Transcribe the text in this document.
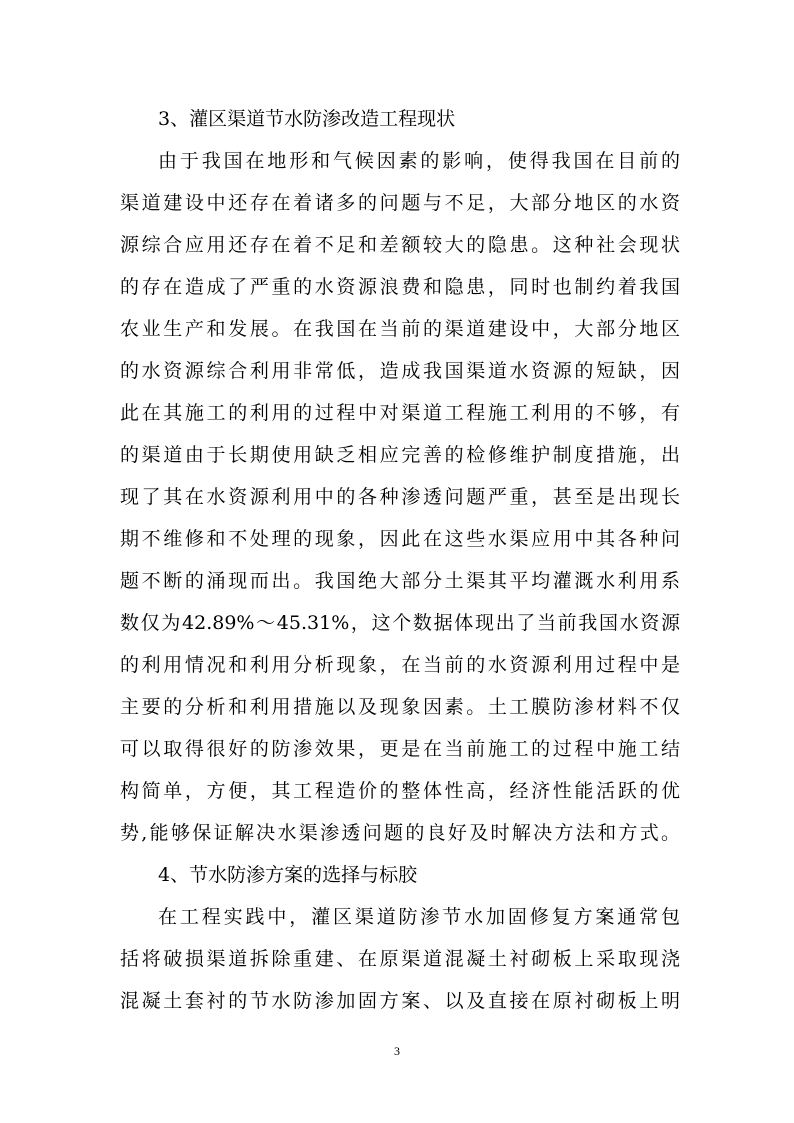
3、灌区渠道节水防渗改造工程现状
由于我国在地形和气候因素的影响，使得我国在目前的
渠道建设中还存在着诸多的问题与不足，大部分地区的水资
源综合应用还存在着不足和差额较大的隐患。这种社会现状
的存在造成了严重的水资源浪费和隐患，同时也制约着我国
农业生产和发展。在我国在当前的渠道建设中，大部分地区
的水资源综合利用非常低，造成我国渠道水资源的短缺，因
此在其施工的利用的过程中对渠道工程施工利用的不够，有
的渠道由于长期使用缺乏相应完善的检修维护制度措施，出
现了其在水资源利用中的各种渗透问题严重，甚至是出现长
期不维修和不处理的现象，因此在这些水渠应用中其各种问
题不断的涌现而出。我国绝大部分土渠其平均灌溉水利用系
数仅为42.89%～45.31%，这个数据体现出了当前我国水资源
的利用情况和利用分析现象，在当前的水资源利用过程中是
主要的分析和利用措施以及现象因素。土工膜防渗材料不仅
可以取得很好的防渗效果，更是在当前施工的过程中施工结
构简单，方便，其工程造价的整体性高，经济性能活跃的优
势,能够保证解决水渠渗透问题的良好及时解决方法和方式。
4、节水防渗方案的选择与标胶
在工程实践中，灌区渠道防渗节水加固修复方案通常包
括将破损渠道拆除重建、在原渠道混凝土衬砌板上采取现浇
混凝土套衬的节水防渗加固方案、以及直接在原衬砌板上明
3
